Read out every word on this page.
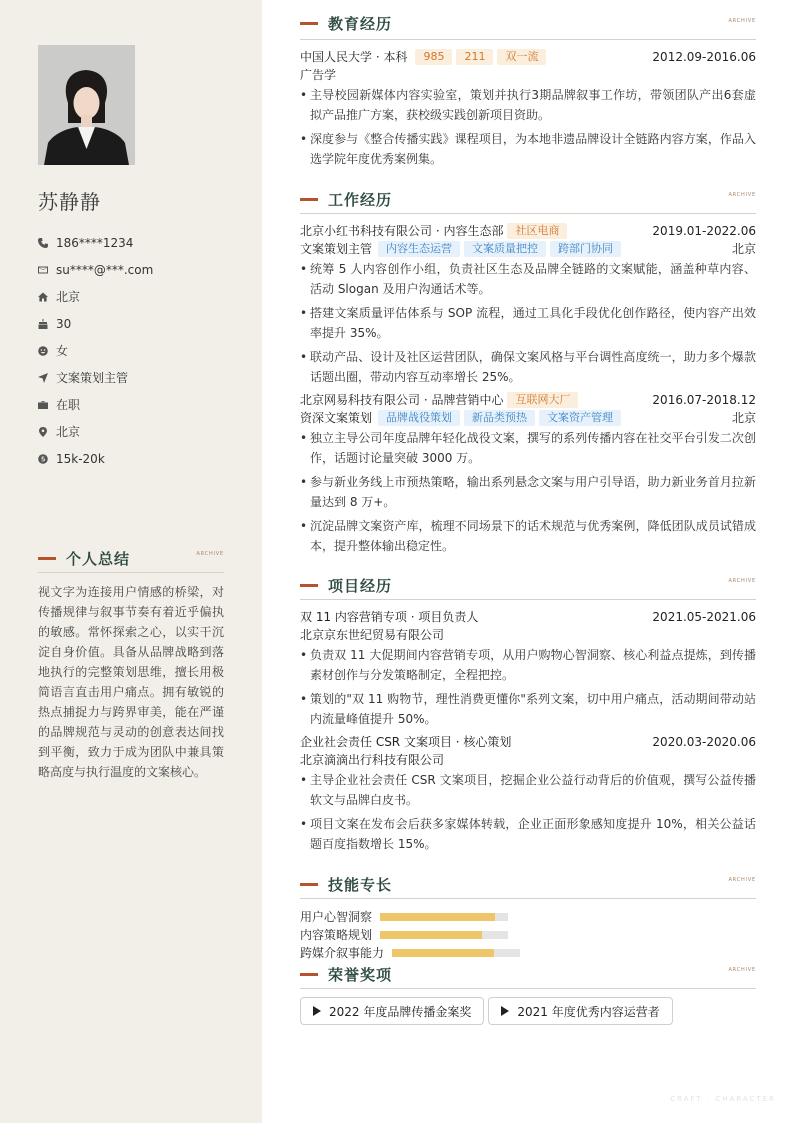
苏静静
186****1234
su****@***.com
北京
30
女
文案策划主管
在职
北京
15k-20k
个人总结	ARCHIVE

视文字为连接用户情感的桥梁，对传播规律与叙事节奏有着近乎偏执的敏感。常怀探索之心，以实干沉淀自身价值。具备从品牌战略到落地执行的完整策划思维，擅长用极简语言直击用户痛点。拥有敏锐的热点捕捉力与跨界审美，能在严谨的品牌规范与灵动的创意表达间找到平衡，致力于成为团队中兼具策略高度与执行温度的文案核心。

教育经历	ARCHIVE
中国人民大学 · 本科	985	211	双一流	2012.09-2016.06
广告学
• 主导校园新媒体内容实验室，策划并执行3期品牌叙事工作坊，带领团队产出6套虚拟产品推广方案，获校级实践创新项目资助。
• 深度参与《整合传播实践》课程项目，为本地非遗品牌设计全链路内容方案，作品入选学院年度优秀案例集。
工作经历	ARCHIVE
北京小红书科技有限公司 · 内容生态部	社区电商	2019.01-2022.06
文案策划主管	内容生态运营	文案质量把控	跨部门协同	北京
• 统筹 5 人内容创作小组，负责社区生态及品牌全链路的文案赋能，涵盖种草内容、活动 Slogan 及用户沟通话术等。
• 搭建文案质量评估体系与 SOP 流程，通过工具化手段优化创作路径，使内容产出效率提升 35%。
• 联动产品、设计及社区运营团队，确保文案风格与平台调性高度统一，助力多个爆款话题出圈，带动内容互动率增长 25%。
北京网易科技有限公司 · 品牌营销中心	互联网大厂	2016.07-2018.12
资深文案策划	品牌战役策划	新品类预热	文案资产管理	北京
• 独立主导公司年度品牌年轻化战役文案，撰写的系列传播内容在社交平台引发二次创作，话题讨论量突破 3000 万。
• 参与新业务线上市预热策略，输出系列悬念文案与用户引导语，助力新业务首月拉新量达到 8 万+。
• 沉淀品牌文案资产库，梳理不同场景下的话术规范与优秀案例，降低团队成员试错成本，提升整体输出稳定性。
项目经历	ARCHIVE
双 11 内容营销专项 · 项目负责人	2021.05-2021.06
北京京东世纪贸易有限公司
• 负责双 11 大促期间内容营销专项，从用户购物心智洞察、核心利益点提炼，到传播素材创作与分发策略制定，全程把控。
• 策划的"双 11 购物节，理性消费更懂你"系列文案，切中用户痛点，活动期间带动站内流量峰值提升 50%。
企业社会责任 CSR 文案项目 · 核心策划	2020.03-2020.06
北京滴滴出行科技有限公司
• 主导企业社会责任 CSR 文案项目，挖掘企业公益行动背后的价值观，撰写公益传播软文与品牌白皮书。
• 项目文案在发布会后获多家媒体转载，企业正面形象感知度提升 10%，相关公益话题百度指数增长 15%。
技能专长	ARCHIVE
用户心智洞察
内容策略规划
跨媒介叙事能力
荣誉奖项	ARCHIVE
2022 年度品牌传播金案奖	2021 年度优秀内容运营者
CRAFT · CHARACTER
